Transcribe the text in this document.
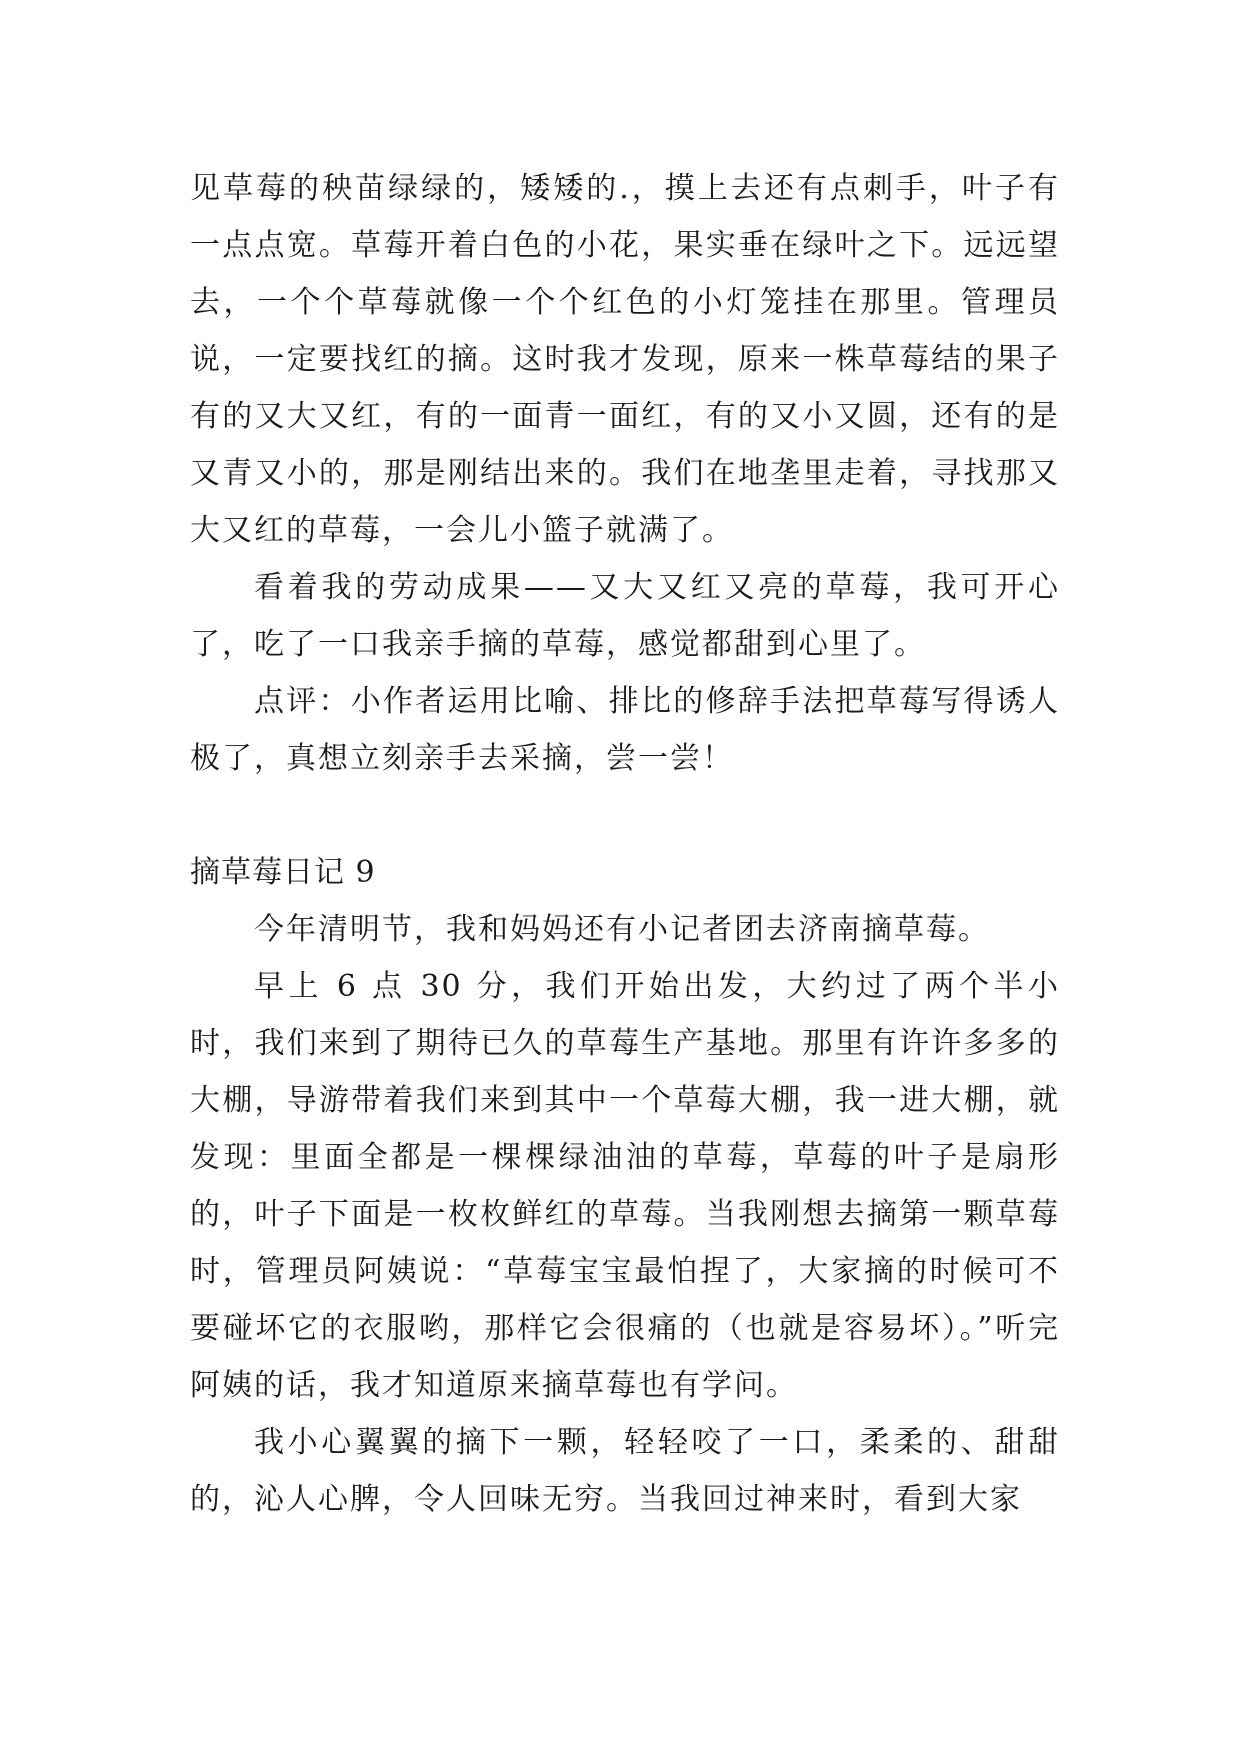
见草莓的秧苗绿绿的，矮矮的.，摸上去还有点刺手，叶子有一点点宽。草莓开着白色的小花，果实垂在绿叶之下。远远望去，一个个草莓就像一个个红色的小灯笼挂在那里。管理员说，一定要找红的摘。这时我才发现，原来一株草莓结的果子有的又大又红，有的一面青一面红，有的又小又圆，还有的是又青又小的，那是刚结出来的。我们在地垄里走着，寻找那又大又红的草莓，一会儿小篮子就满了。

看着我的劳动成果——又大又红又亮的草莓，我可开心了，吃了一口我亲手摘的草莓，感觉都甜到心里了。

点评：小作者运用比喻、排比的修辞手法把草莓写得诱人极了，真想立刻亲手去采摘，尝一尝！

摘草莓日记 9

今年清明节，我和妈妈还有小记者团去济南摘草莓。

早上 6 点 30 分，我们开始出发，大约过了两个半小时，我们来到了期待已久的草莓生产基地。那里有许许多多的大棚，导游带着我们来到其中一个草莓大棚，我一进大棚，就发现：里面全都是一棵棵绿油油的草莓，草莓的叶子是扇形的，叶子下面是一枚枚鲜红的草莓。当我刚想去摘第一颗草莓时，管理员阿姨说：“草莓宝宝最怕捏了，大家摘的时候可不要碰坏它的衣服哟，那样它会很痛的（也就是容易坏）。”听完阿姨的话，我才知道原来摘草莓也有学问。

我小心翼翼的摘下一颗，轻轻咬了一口，柔柔的、甜甜的，沁人心脾，令人回味无穷。当我回过神来时，看到大家
